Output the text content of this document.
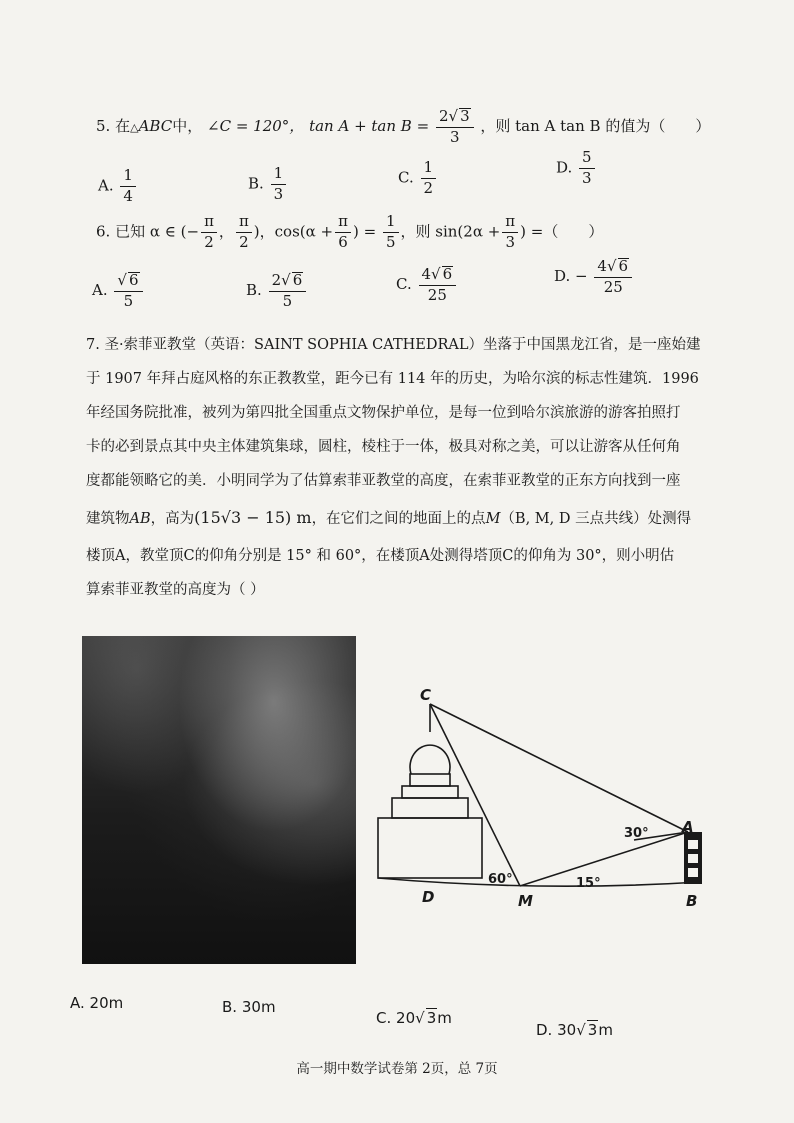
5. 在△ABC中， ∠C = 120°， $\tan A + \tan B = \frac{2√ 3}{3}$ ，则 tan A tan B 的值为（　　）
A. $\frac{1}{4}$	B. $\frac{1}{3}$	C. $\frac{1}{2}$	D. $\frac{5}{3}$
6. 已知 α ∈ (− $\frac{\pi}{2}$ ， $\frac{\pi}{2}$ )，$\cos(\alpha + \frac{\pi}{6}$ ) = $\frac{1}{5}$ ，则 $\sin(2\alpha + \frac{\pi}{3}$ ) =（　　）
A. $\frac{√ 6}{5}$	B. $\frac{2√ 6}{5}$	C. $\frac{4√ 6}{25}$	D. − $\frac{4√ 6}{25}$
7. 圣·索菲亚教堂（英语：SAINT SOPHIA CATHEDRAL）坐落于中国黑龙江省，是一座始建
于 1907 年拜占庭风格的东正教教堂，距今已有 114 年的历史，为哈尔滨的标志性建筑．1996
年经国务院批准，被列为第四批全国重点文物保护单位，是每一位到哈尔滨旅游的游客拍照打
卡的必到景点其中央主体建筑集球，圆柱，棱柱于一体，极具对称之美，可以让游客从任何角
度都能领略它的美．小明同学为了估算索菲亚教堂的高度，在索菲亚教堂的正东方向找到一座
建筑物AB，高为(15√3 − 15) m，在它们之间的地面上的点M（B, M, D 三点共线）处测得
楼顶A，教堂顶C的仰角分别是 15° 和 60°，在楼顶A处测得塔顶C的仰角为 30°，则小明估
算索菲亚教堂的高度为（ ）
C
A
B
D	M
30°
60°	15°
A. 20m	B. 30m
C. 20√ 3m
D. 30√ 3m
高一期中数学试卷第 2页，总 7页
